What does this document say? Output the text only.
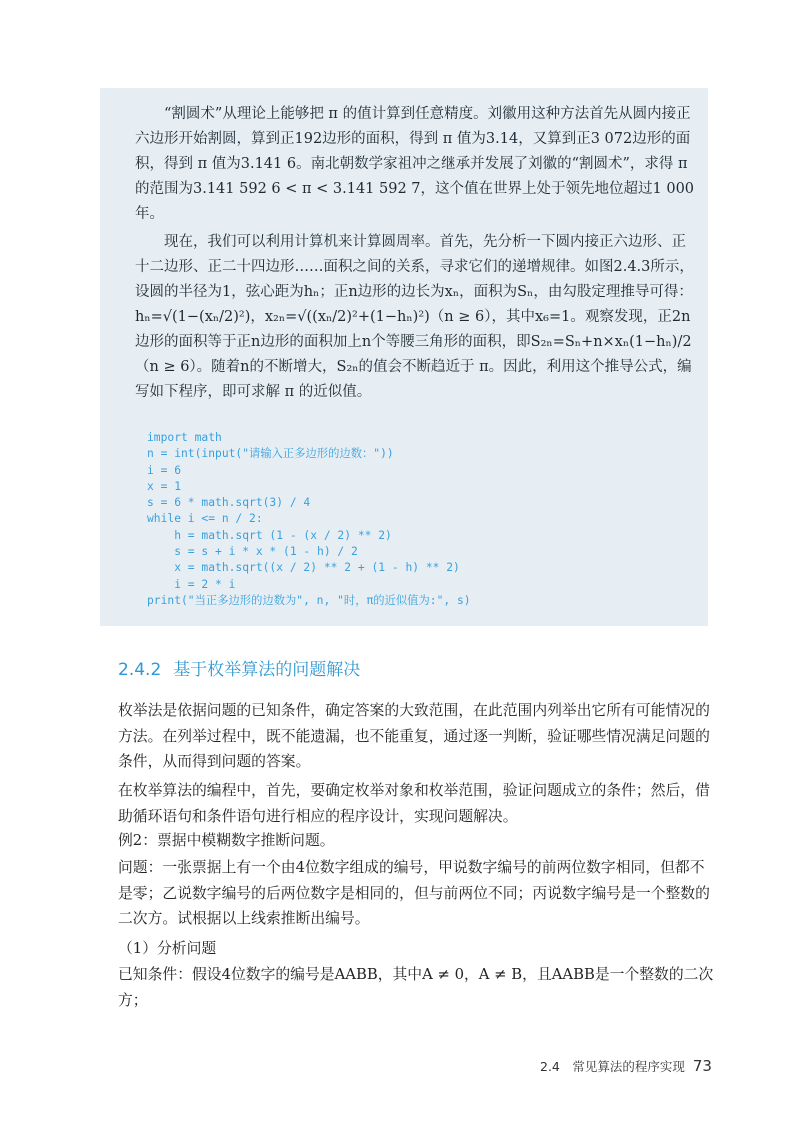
“割圆术”从理论上能够把 π 的值计算到任意精度。刘徽用这种方法首先从圆内接正六边形开始割圆，算到正192边形的面积，得到 π 值为3.14，又算到正3 072边形的面积，得到 π 值为3.141 6。南北朝数学家祖冲之继承并发展了刘徽的“割圆术”，求得 π 的范围为3.141 592 6 < π < 3.141 592 7，这个值在世界上处于领先地位超过1 000年。

现在，我们可以利用计算机来计算圆周率。首先，先分析一下圆内接正六边形、正十二边形、正二十四边形……面积之间的关系，寻求它们的递增规律。如图2.4.3所示，设圆的半径为1，弦心距为hₙ；正n边形的边长为xₙ，面积为Sₙ，由勾股定理推导可得：hₙ=√(1−(xₙ/2)²)，x₂ₙ=√((xₙ/2)²+(1−hₙ)²)（n ≥ 6），其中x₆=1。观察发现，正2n边形的面积等于正n边形的面积加上n个等腰三角形的面积，即S₂ₙ=Sₙ+n×xₙ(1−hₙ)/2（n ≥ 6）。随着n的不断增大，S₂ₙ的值会不断趋近于 π。因此，利用这个推导公式，编写如下程序，即可求解 π 的近似值。

import math
n = int(input("请输入正多边形的边数："))
i = 6
x = 1
s = 6 * math.sqrt(3) / 4
while i <= n / 2:
h = math.sqrt (1 - (x / 2) ** 2)
s = s + i * x * (1 - h) / 2
x = math.sqrt((x / 2) ** 2 + (1 - h) ** 2)
i = 2 * i
print("当正多边形的边数为", n, "时，π的近似值为:", s)
2.4.2 基于枚举算法的问题解决

枚举法是依据问题的已知条件，确定答案的大致范围，在此范围内列举出它所有可能情况的方法。在列举过程中，既不能遗漏，也不能重复，通过逐一判断，验证哪些情况满足问题的条件，从而得到问题的答案。

在枚举算法的编程中，首先，要确定枚举对象和枚举范围，验证问题成立的条件；然后，借助循环语句和条件语句进行相应的程序设计，实现问题解决。

例2：票据中模糊数字推断问题。

问题：一张票据上有一个由4位数字组成的编号，甲说数字编号的前两位数字相同，但都不是零；乙说数字编号的后两位数字是相同的，但与前两位不同；丙说数字编号是一个整数的二次方。试根据以上线索推断出编号。

（1）分析问题

已知条件：假设4位数字的编号是AABB，其中A ≠ 0，A ≠ B，且AABB是一个整数的二次方；

2.4　常见算法的程序实现 73
